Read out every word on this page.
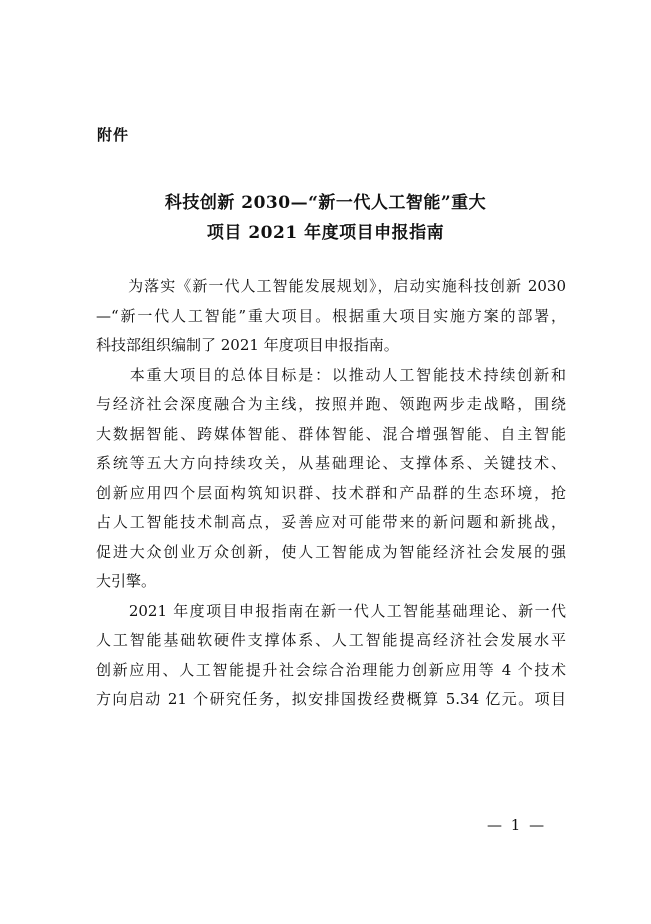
附件
科技创新 2030—“新一代人工智能”重大
项目 2021 年度项目申报指南
　　为落实《新一代人工智能发展规划》，启动实施科技创新 2030
—“新一代人工智能”重大项目。根据重大项目实施方案的部署，
科技部组织编制了 2021 年度项目申报指南。
　　本重大项目的总体目标是：以推动人工智能技术持续创新和
与经济社会深度融合为主线，按照并跑、领跑两步走战略，围绕
大数据智能、跨媒体智能、群体智能、混合增强智能、自主智能
系统等五大方向持续攻关，从基础理论、支撑体系、关键技术、
创新应用四个层面构筑知识群、技术群和产品群的生态环境，抢
占人工智能技术制高点，妥善应对可能带来的新问题和新挑战，
促进大众创业万众创新，使人工智能成为智能经济社会发展的强
大引擎。
　　2021 年度项目申报指南在新一代人工智能基础理论、新一代
人工智能基础软硬件支撑体系、人工智能提高经济社会发展水平
创新应用、人工智能提升社会综合治理能力创新应用等 4 个技术
方向启动 21 个研究任务，拟安排国拨经费概算 5.34 亿元。项目
— 1 —
